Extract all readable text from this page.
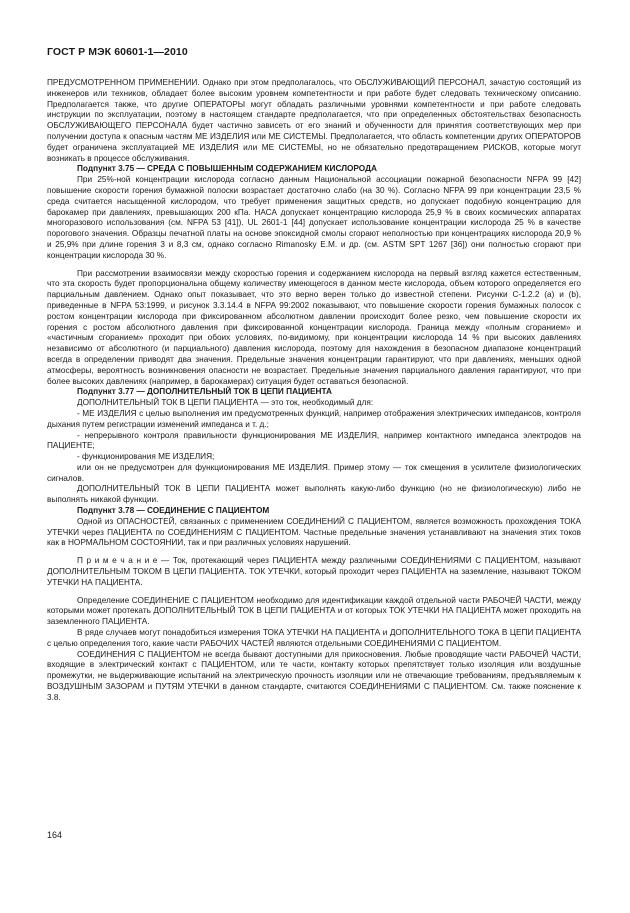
ГОСТ Р МЭК 60601-1—2010

ПРЕДУСМОТРЕННОМ ПРИМЕНЕНИИ. Однако при этом предполагалось, что ОБСЛУЖИВАЮЩИЙ ПЕРСОНАЛ, зачастую состоящий из инженеров или техников, обладает более высоким уровнем компетентности и при работе будет следовать техническому описанию. Предполагается также, что другие ОПЕРАТОРЫ могут обладать различными уровнями компетентности и при работе следовать инструкции по эксплуатации, поэтому в настоящем стандарте предполагается, что при определенных обстоятельствах безопасность ОБСЛУЖИВАЮЩЕГО ПЕРСОНАЛА будет частично зависеть от его знаний и обученности для принятия соответствующих мер при получении доступа к опасным частям МЕ ИЗДЕЛИЯ или МЕ СИСТЕМЫ. Предполагается, что область компетенции других ОПЕРАТОРОВ будет ограничена эксплуатацией МЕ ИЗДЕЛИЯ или МЕ СИСТЕМЫ, но не обязательно предотвращением РИСКОВ, которые могут возникать в процессе обслуживания.

Подпункт 3.75 — СРЕДА С ПОВЫШЕННЫМ СОДЕРЖАНИЕМ КИСЛОРОДА

При 25%-ной концентрации кислорода согласно данным Национальной ассоциации пожарной безопасности NFPA 99 [42] повышение скорости горения бумажной полоски возрастает достаточно слабо (на 30 %). Согласно NFPA 99 при концентрации 23,5 % среда считается насыщенной кислородом, что требует применения защитных средств, но допускает подобную концентрацию для барокамер при давлениях, превышающих 200 кПа. НАСА допускает концентрацию кислорода 25,9 % в своих космических аппаратах многоразового использования (см. NFPA 53 [41]). UL 2601-1 [44] допускает использование концентрации кислорода 25 % в качестве порогового значения. Образцы печатной платы на основе эпоксидной смолы сгорают неполностью при концентрациях кислорода 20,9 % и 25,9% при длине горения 3 и 8,3 см, однако согласно Rimanosky E.M. и др. (см. ASTM SPT 1267 [36]) они полностью сгорают при концентрации кислорода 30 %.

При рассмотрении взаимосвязи между скоростью горения и содержанием кислорода на первый взгляд кажется естественным, что эта скорость будет пропорциональна общему количеству имеющегося в данном месте кислорода, объем которого определяется его парциальным давлением. Однако опыт показывает, что это верно верен только до известной степени. Рисунки С-1.2.2 (а) и (b), приведенные в NFPA 53:1999, и рисунок 3.3.14.4 в NFPA 99:2002 показывают, что повышение скорости горения бумажных полосок с ростом концентрации кислорода при фиксированном абсолютном давлении происходит более резко, чем повышение скорости их горения с ростом абсолютного давления при фиксированной концентрации кислорода. Граница между «полным сгоранием» и «частичным сгоранием» проходит при обоих условиях, по-видимому, при концентрации кислорода 14 % при высоких давлениях независимо от абсолютного (и парциального) давления кислорода, поэтому для нахождения в безопасном диапазоне концентраций всегда в определении приводят два значения. Предельные значения концентрации гарантируют, что при давлениях, меньших одной атмосферы, вероятность возникновения опасности не возрастает. Предельные значения парциального давления гарантируют, что при более высоких давлениях (например, в барокамерах) ситуация будет оставаться безопасной.

Подпункт 3.77 — ДОПОЛНИТЕЛЬНЫЙ ТОК В ЦЕПИ ПАЦИЕНТА

ДОПОЛНИТЕЛЬНЫЙ ТОК В ЦЕПИ ПАЦИЕНТА — это ток, необходимый для:

- МЕ ИЗДЕЛИЯ с целью выполнения им предусмотренных функций, например отображения электрических импедансов, контроля дыхания путем регистрации изменений импеданса и т. д.;

- непрерывного контроля правильности функционирования МЕ ИЗДЕЛИЯ, например контактного импеданса электродов на ПАЦИЕНТЕ;

- функционирования МЕ ИЗДЕЛИЯ;

или он не предусмотрен для функционирования МЕ ИЗДЕЛИЯ. Пример этому — ток смещения в усилителе физиологических сигналов.

ДОПОЛНИТЕЛЬНЫЙ ТОК В ЦЕПИ ПАЦИЕНТА может выполнять какую-либо функцию (но не физиологическую) либо не выполнять никакой функции.

Подпункт 3.78 — СОЕДИНЕНИЕ С ПАЦИЕНТОМ

Одной из ОПАСНОСТЕЙ, связанных с применением СОЕДИНЕНИЙ С ПАЦИЕНТОМ, является возможность прохождения ТОКА УТЕЧКИ через ПАЦИЕНТА по СОЕДИНЕНИЯМ С ПАЦИЕНТОМ. Частные предельные значения устанавливают на значения этих токов как в НОРМАЛЬНОМ СОСТОЯНИИ, так и при различных условиях нарушений.

П р и м е ч а н и е — Ток, протекающий через ПАЦИЕНТА между различными СОЕДИНЕНИЯМИ С ПАЦИЕНТОМ, называют ДОПОЛНИТЕЛЬНЫМ ТОКОМ В ЦЕПИ ПАЦИЕНТА. ТОК УТЕЧКИ, который проходит через ПАЦИЕНТА на заземление, называют ТОКОМ УТЕЧКИ НА ПАЦИЕНТА.

Определение СОЕДИНЕНИЕ С ПАЦИЕНТОМ необходимо для идентификации каждой отдельной части РАБОЧЕЙ ЧАСТИ, между которыми может протекать ДОПОЛНИТЕЛЬНЫЙ ТОК В ЦЕПИ ПАЦИЕНТА и от которых ТОК УТЕЧКИ НА ПАЦИЕНТА может проходить на заземленного ПАЦИЕНТА.

В ряде случаев могут понадобиться измерения ТОКА УТЕЧКИ НА ПАЦИЕНТА и ДОПОЛНИТЕЛЬНОГО ТОКА В ЦЕПИ ПАЦИЕНТА с целью определения того, какие части РАБОЧИХ ЧАСТЕЙ являются отдельными СОЕДИНЕНИЯМИ С ПАЦИЕНТОМ.

СОЕДИНЕНИЯ С ПАЦИЕНТОМ не всегда бывают доступными для прикосновения. Любые проводящие части РАБОЧЕЙ ЧАСТИ, входящие в электрический контакт с ПАЦИЕНТОМ, или те части, контакту которых препятствует только изоляция или воздушные промежутки, не выдерживающие испытаний на электрическую прочность изоляции или не отвечающие требованиям, предъявляемым к ВОЗДУШНЫМ ЗАЗОРАМ и ПУТЯМ УТЕЧКИ в данном стандарте, считаются СОЕДИНЕНИЯМИ С ПАЦИЕНТОМ. См. также пояснение к 3.8.

164
